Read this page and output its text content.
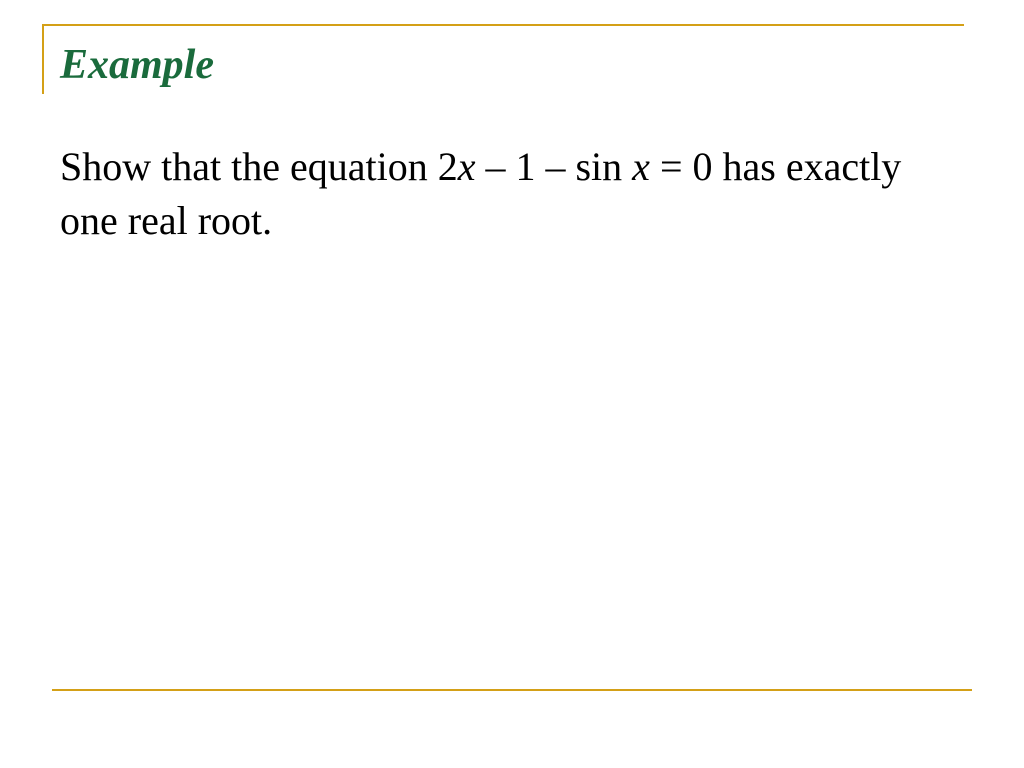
Example
Show that the equation 2x – 1 – sin x = 0 has exactly one real root.
